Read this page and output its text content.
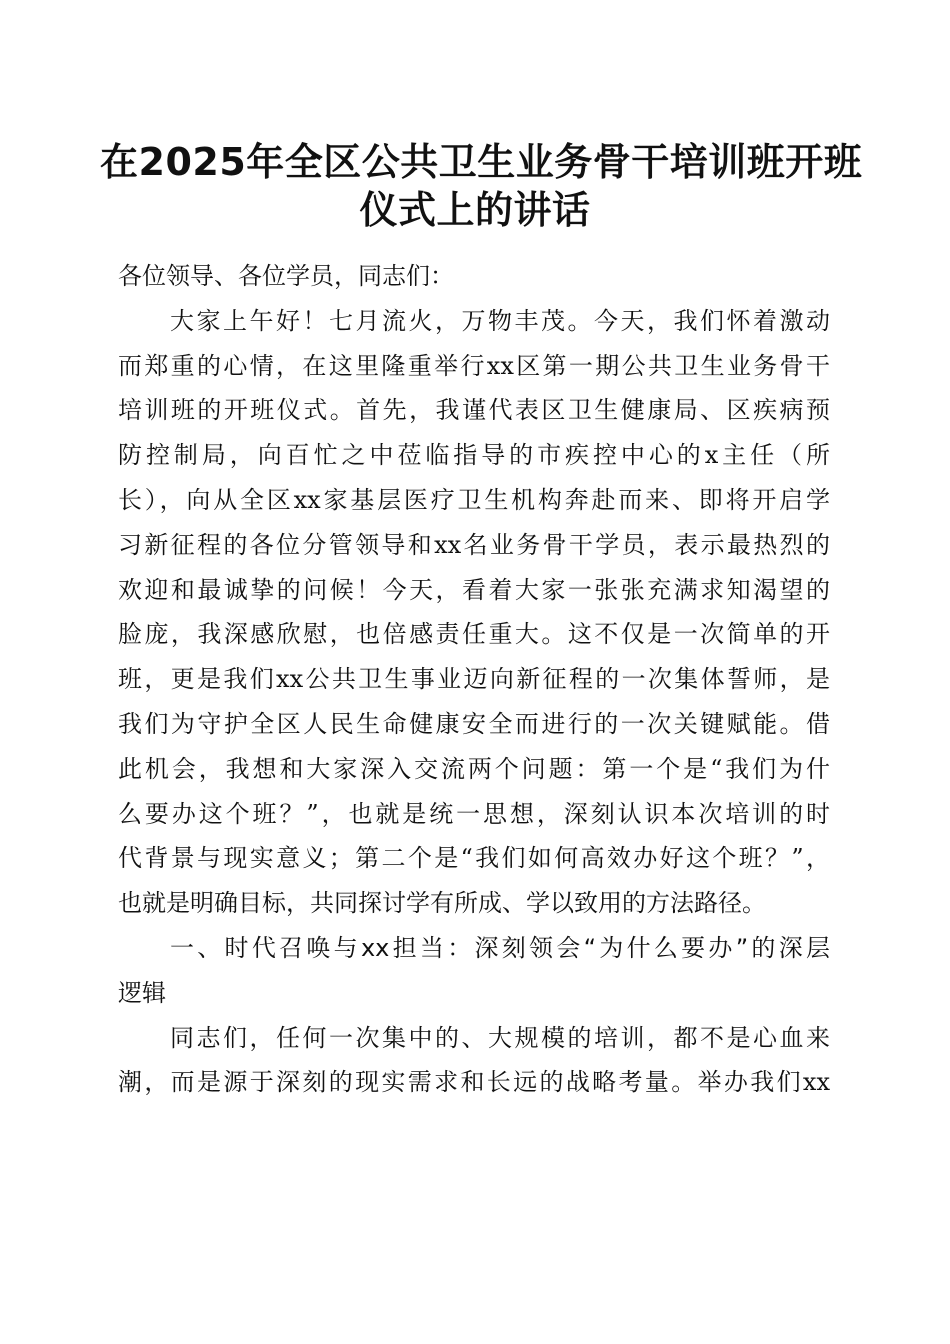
在2025年全区公共卫生业务骨干培训班开班
仪式上的讲话
各位领导、各位学员，同志们：
大家上午好！七月流火，万物丰茂。今天，我们怀着激动
而郑重的心情，在这里隆重举行xx区第一期公共卫生业务骨干
培训班的开班仪式。首先，我谨代表区卫生健康局、区疾病预
防控制局，向百忙之中莅临指导的市疾控中心的x主任（所
长），向从全区xx家基层医疗卫生机构奔赴而来、即将开启学
习新征程的各位分管领导和xx名业务骨干学员，表示最热烈的
欢迎和最诚挚的问候！今天，看着大家一张张充满求知渴望的
脸庞，我深感欣慰，也倍感责任重大。这不仅是一次简单的开
班，更是我们xx公共卫生事业迈向新征程的一次集体誓师，是
我们为守护全区人民生命健康安全而进行的一次关键赋能。借
此机会，我想和大家深入交流两个问题：第一个是“我们为什
么要办这个班？”，也就是统一思想，深刻认识本次培训的时
代背景与现实意义；第二个是“我们如何高效办好这个班？”，
也就是明确目标，共同探讨学有所成、学以致用的方法路径。
一、时代召唤与xx担当：深刻领会“为什么要办”的深层
逻辑
同志们，任何一次集中的、大规模的培训，都不是心血来
潮，而是源于深刻的现实需求和长远的战略考量。举办我们xx
